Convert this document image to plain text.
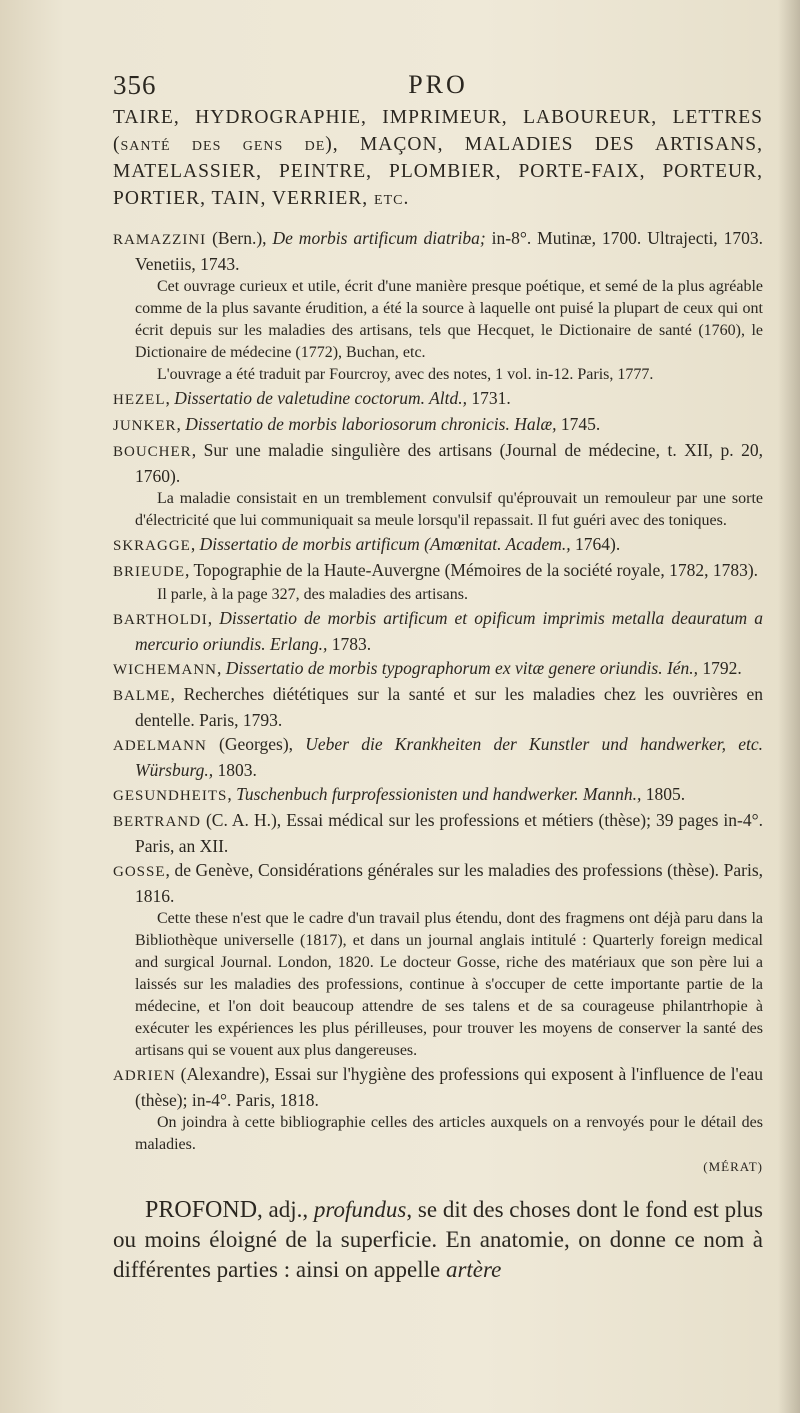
356	PRO

TAIRE, HYDROGRAPHIE, IMPRIMEUR, LABOUREUR, LETTRES (santé des gens de), MAÇON, MALADIES DES ARTISANS, MATELASSIER, PEINTRE, PLOMBIER, PORTE-FAIX, PORTEUR, PORTIER, TAIN, VERRIER, etc.

RAMAZZINI (Bern.), De morbis artificum diatriba; in-8°. Mutinæ, 1700. Ultrajecti, 1703. Venetiis, 1743.

Cet ouvrage curieux et utile, écrit d'une manière presque poétique, et semé de la plus agréable comme de la plus savante érudition, a été la source à laquelle ont puisé la plupart de ceux qui ont écrit depuis sur les maladies des artisans, tels que Hecquet, le Dictionaire de santé (1760), le Dictionaire de médecine (1772), Buchan, etc.

L'ouvrage a été traduit par Fourcroy, avec des notes, 1 vol. in-12. Paris, 1777.

HEZEL, Dissertatio de valetudine coctorum. Altd., 1731.

JUNKER, Dissertatio de morbis laboriosorum chronicis. Halæ, 1745.

BOUCHER, Sur une maladie singulière des artisans (Journal de médecine, t. XII, p. 20, 1760).

La maladie consistait en un tremblement convulsif qu'éprouvait un remouleur par une sorte d'électricité que lui communiquait sa meule lorsqu'il repassait. Il fut guéri avec des toniques.

SKRAGGE, Dissertatio de morbis artificum (Amœnitat. Academ., 1764).

BRIEUDE, Topographie de la Haute-Auvergne (Mémoires de la société royale, 1782, 1783).

Il parle, à la page 327, des maladies des artisans.

BARTHOLDI, Dissertatio de morbis artificum et opificum imprimis metalla deauratum a mercurio oriundis. Erlang., 1783.

WICHEMANN, Dissertatio de morbis typographorum ex vitæ genere oriundis. Ién., 1792.

BALME, Recherches diététiques sur la santé et sur les maladies chez les ouvrières en dentelle. Paris, 1793.

ADELMANN (Georges), Ueber die Krankheiten der Kunstler und handwerker, etc. Würsburg., 1803.

GESUNDHEITS, Tuschenbuch furprofessionisten und handwerker. Mannh., 1805.

BERTRAND (C. A. H.), Essai médical sur les professions et métiers (thèse); 39 pages in-4°. Paris, an XII.

GOSSE, de Genève, Considérations générales sur les maladies des professions (thèse). Paris, 1816.

Cette these n'est que le cadre d'un travail plus étendu, dont des fragmens ont déjà paru dans la Bibliothèque universelle (1817), et dans un journal anglais intitulé : Quarterly foreign medical and surgical Journal. London, 1820. Le docteur Gosse, riche des matériaux que son père lui a laissés sur les maladies des professions, continue à s'occuper de cette importante partie de la médecine, et l'on doit beaucoup attendre de ses talens et de sa courageuse philantrhopie à exécuter les expériences les plus périlleuses, pour trouver les moyens de conserver la santé des artisans qui se vouent aux plus dangereuses.

ADRIEN (Alexandre), Essai sur l'hygiène des professions qui exposent à l'influence de l'eau (thèse); in-4°. Paris, 1818.

On joindra à cette bibliographie celles des articles auxquels on a renvoyés pour le détail des maladies.

(MÉRAT)

PROFOND, adj., profundus, se dit des choses dont le fond est plus ou moins éloigné de la superficie. En anatomie, on donne ce nom à différentes parties : ainsi on appelle artère
